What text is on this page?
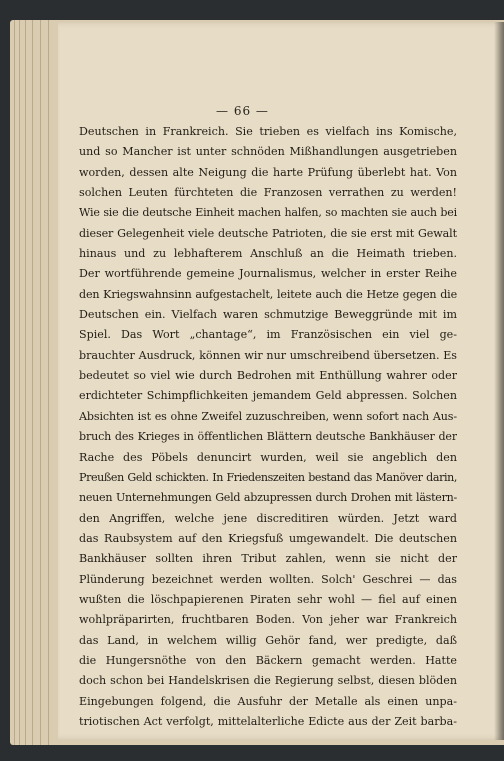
— 66 —
Deutschen in Frankreich. Sie trieben es vielfach ins Komische,
und so Mancher ist unter schnöden Mißhandlungen ausgetrieben
worden, dessen alte Neigung die harte Prüfung überlebt hat. Von
solchen Leuten fürchteten die Franzosen verrathen zu werden!
Wie sie die deutsche Einheit machen halfen, so machten sie auch bei
dieser Gelegenheit viele deutsche Patrioten, die sie erst mit Gewalt
hinaus und zu lebhafterem Anschluß an die Heimath trieben.
Der wortführende gemeine Journalismus, welcher in erster Reihe
den Kriegswahnsinn aufgestachelt, leitete auch die Hetze gegen die
Deutschen ein. Vielfach waren schmutzige Beweggründe mit im
Spiel. Das Wort „chantage“, im Französischen ein viel ge-
brauchter Ausdruck, können wir nur umschreibend übersetzen. Es
bedeutet so viel wie durch Bedrohen mit Enthüllung wahrer oder
erdichteter Schimpflichkeiten jemandem Geld abpressen. Solchen
Absichten ist es ohne Zweifel zuzuschreiben, wenn sofort nach Aus-
bruch des Krieges in öffentlichen Blättern deutsche Bankhäuser der
Rache des Pöbels denuncirt wurden, weil sie angeblich den
Preußen Geld schickten. In Friedenszeiten bestand das Manöver darin,
neuen Unternehmungen Geld abzupressen durch Drohen mit lästern-
den Angriffen, welche jene discreditiren würden. Jetzt ward
das Raubsystem auf den Kriegsfuß umgewandelt. Die deutschen
Bankhäuser sollten ihren Tribut zahlen, wenn sie nicht der
Plünderung bezeichnet werden wollten. Solch' Geschrei — das
wußten die löschpapierenen Piraten sehr wohl — fiel auf einen
wohlpräparirten, fruchtbaren Boden. Von jeher war Frankreich
das Land, in welchem willig Gehör fand, wer predigte, daß
die Hungersnöthe von den Bäckern gemacht werden. Hatte
doch schon bei Handelskrisen die Regierung selbst, diesen blöden
Eingebungen folgend, die Ausfuhr der Metalle als einen unpa-
triotischen Act verfolgt, mittelalterliche Edicte aus der Zeit barba-
